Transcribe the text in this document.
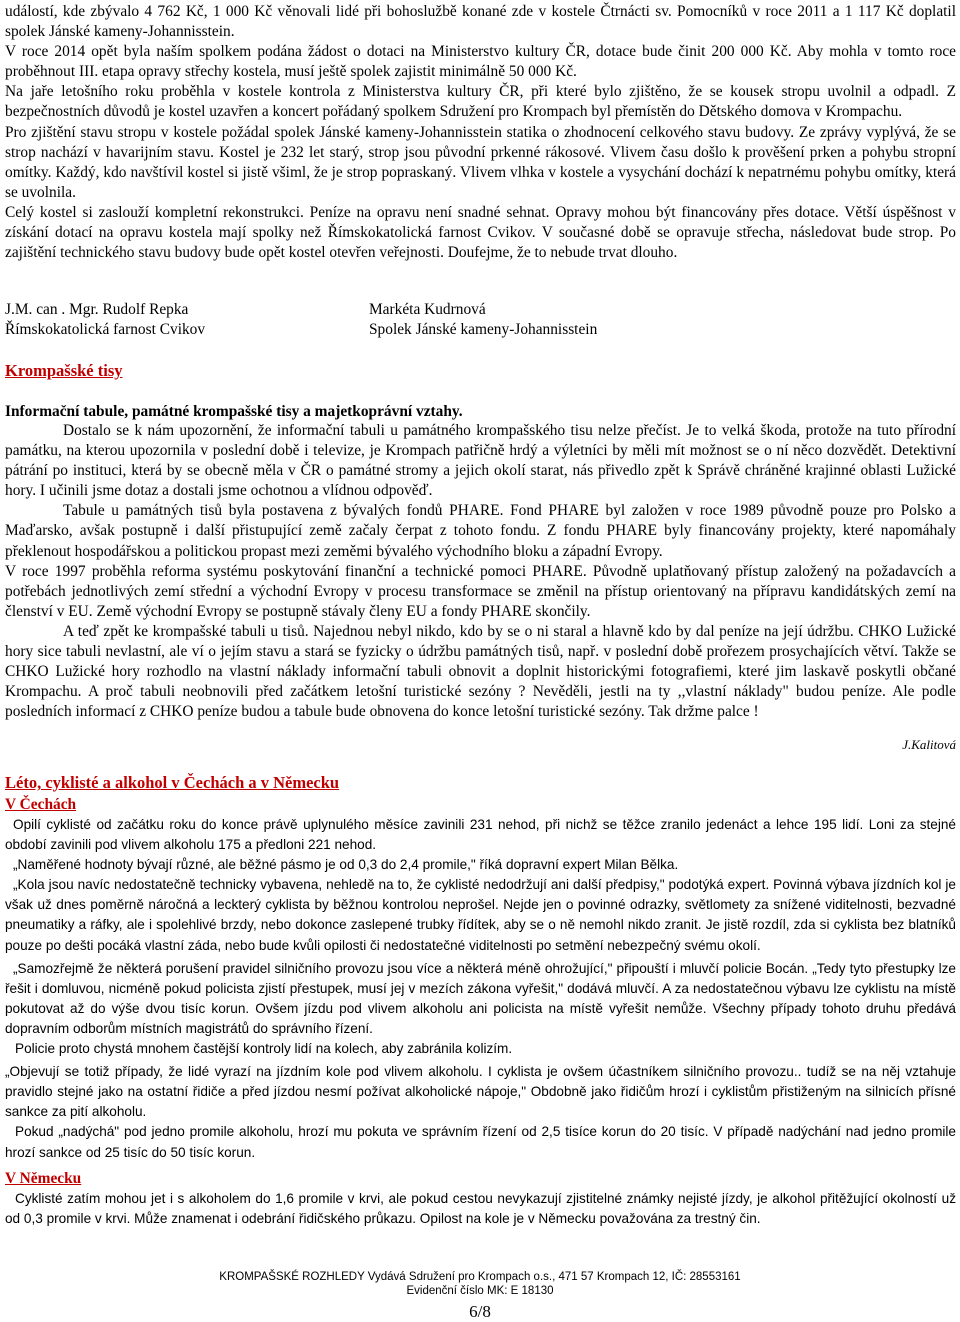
událostí, kde zbývalo 4 762 Kč, 1 000 Kč věnovali lidé při bohoslužbě konané zde v kostele Čtrnácti sv. Pomocníků v roce 2011 a 1 117 Kč doplatil spolek Jánské kameny-Johannisstein.

V roce 2014 opět byla naším spolkem podána žádost o dotaci na Ministerstvo kultury ČR, dotace bude činit 200 000 Kč. Aby mohla v tomto roce proběhnout III. etapa opravy střechy kostela, musí ještě spolek zajistit minimálně 50 000 Kč.

Na jaře letošního roku proběhla v kostele kontrola z Ministerstva kultury ČR, při které bylo zjištěno, že se kousek stropu uvolnil a odpadl. Z bezpečnostních důvodů je kostel uzavřen a koncert pořádaný spolkem Sdružení pro Krompach byl přemístěn do Dětského domova v Krompachu.

Pro zjištění stavu stropu v kostele požádal spolek Jánské kameny-Johannisstein statika o zhodnocení celkového stavu budovy. Ze zprávy vyplývá, že se strop nachází v havarijním stavu. Kostel je 232 let starý, strop jsou původní prkenné rákosové. Vlivem času došlo k prověšení prken a pohybu stropní omítky. Každý, kdo navštívil kostel si jistě všiml, že je strop popraskaný. Vlivem vlhka v kostele a vysychání dochází k nepatrnému pohybu omítky, která se uvolnila.

Celý kostel si zaslouží kompletní rekonstrukci. Peníze na opravu není snadné sehnat. Opravy mohou být financovány přes dotace. Větší úspěšnost v získání dotací na opravu kostela mají spolky než Římskokatolická farnost Cvikov. V současné době se opravuje střecha, následovat bude strop. Po zajištění technického stavu budovy bude opět kostel otevřen veřejnosti. Doufejme, že to nebude trvat dlouho.

J.M. can . Mgr. Rudolf Repka
Římskokatolická farnost Cvikov
Markéta Kudrnová
Spolek Jánské kameny-Johannisstein
Krompašské tisy
Informační tabule, památné krompašské tisy a majetkoprávní vztahy.

Dostalo se k nám upozornění, že informační tabuli u památného krompašského tisu nelze přečíst. Je to velká škoda, protože na tuto přírodní památku, na kterou upozornila v poslední době i televize, je Krompach patřičně hrdý a výletníci by měli mít možnost se o ní něco dozvědět. Detektivní pátrání po instituci, která by se obecně měla v ČR o památné stromy a jejich okolí starat, nás přivedlo zpět k Správě chráněné krajinné oblasti Lužické hory. I učinili jsme dotaz a dostali jsme ochotnou a vlídnou odpověď.

Tabule u památných tisů byla postavena z bývalých fondů PHARE. Fond PHARE byl založen v roce 1989 původně pouze pro Polsko a Maďarsko, avšak postupně i další přistupující země začaly čerpat z tohoto fondu. Z fondu PHARE byly financovány projekty, které napomáhaly překlenout hospodářskou a politickou propast mezi zeměmi bývalého východního bloku a západní Evropy.

V roce 1997 proběhla reforma systému poskytování finanční a technické pomoci PHARE. Původně uplatňovaný přístup založený na požadavcích a potřebách jednotlivých zemí střední a východní Evropy v procesu transformace se změnil na přístup orientovaný na přípravu kandidátských zemí na členství v EU. Země východní Evropy se postupně stávaly členy EU a fondy PHARE skončily.

A teď zpět ke krompašské tabuli u tisů. Najednou nebyl nikdo, kdo by se o ni staral a hlavně kdo by dal peníze na její údržbu. CHKO Lužické hory sice tabuli nevlastní, ale ví o jejím stavu a stará se fyzicky o údržbu památných tisů, např. v poslední době prořezem prosychajících větví. Takže se CHKO Lužické hory rozhodlo na vlastní náklady informační tabuli obnovit a doplnit historickými fotografiemi, které jim laskavě poskytli občané Krompachu. A proč tabuli neobnovili před začátkem letošní turistické sezóny ? Nevěděli, jestli na ty ,,vlastní náklady" budou peníze. Ale podle posledních informací z CHKO peníze budou a tabule bude obnovena do konce letošní turistické sezóny. Tak držme palce !

J.Kalitová
Léto, cyklisté a alkohol v Čechách a v Německu
V Čechách

Opilí cyklisté od začátku roku do konce právě uplynulého měsíce zavinili 231 nehod, při nichž se těžce zranilo jedenáct a lehce 195 lidí. Loni za stejné období zavinili pod vlivem alkoholu 175 a předloni 221 nehod.

„Naměřené hodnoty bývají různé, ale běžné pásmo je od 0,3 do 2,4 promile," říká dopravní expert Milan Bělka.

„Kola jsou navíc nedostatečně technicky vybavena, nehledě na to, že cyklisté nedodržují ani další předpisy," podotýká expert. Povinná výbava jízdních kol je však už dnes poměrně náročná a leckterý cyklista by běžnou kontrolou neprošel. Nejde jen o povinné odrazky, světlomety za snížené viditelnosti, bezvadné pneumatiky a ráfky, ale i spolehlivé brzdy, nebo dokonce zaslepené trubky řídítek, aby se o ně nemohl nikdo zranit. Je jistě rozdíl, zda si cyklista bez blatníků pouze po dešti pocáká vlastní záda, nebo bude kvůli opilosti či nedostatečné viditelnosti po setmění nebezpečný svému okolí.

„Samozřejmě že některá porušení pravidel silničního provozu jsou více a některá méně ohrožující," připouští i mluvčí policie Bocán. „Tedy tyto přestupky lze řešit i domluvou, nicméně pokud policista zjistí přestupek, musí jej v mezích zákona vyřešit," dodává mluvčí. A za nedostatečnou výbavu lze cyklistu na místě pokutovat až do výše dvou tisíc korun. Ovšem jízdu pod vlivem alkoholu ani policista na místě vyřešit nemůže. Všechny případy tohoto druhu předává dopravním odborům místních magistrátů do správního řízení.

Policie proto chystá mnohem častější kontroly lidí na kolech, aby zabránila kolizím.

„Objevují se totiž případy, že lidé vyrazí na jízdním kole pod vlivem alkoholu. I cyklista je ovšem účastníkem silničního provozu.. tudíž se na něj vztahuje pravidlo stejné jako na ostatní řidiče a před jízdou nesmí požívat alkoholické nápoje," Obdobně jako řidičům hrozí i cyklistům přistiženým na silnicích přísné sankce za pití alkoholu.

Pokud „nadýchá" pod jedno promile alkoholu, hrozí mu pokuta ve správním řízení od 2,5 tisíce korun do 20 tisíc. V případě nadýchání nad jedno promile hrozí sankce od 25 tisíc do 50 tisíc korun.

V Německu

Cyklisté zatím mohou jet i s alkoholem do 1,6 promile v krvi, ale pokud cestou nevykazují zjistitelné známky nejisté jízdy, je alkohol přitěžující okolností už od 0,3 promile v krvi. Může znamenat i odebrání řidičského průkazu. Opilost na kole je v Německu považována za trestný čin.

KROMPAŠSKÉ ROZHLEDY Vydává Sdružení pro Krompach o.s., 471 57 Krompach 12, IČ: 28553161
Evidenční číslo MK: E 18130
6/8
